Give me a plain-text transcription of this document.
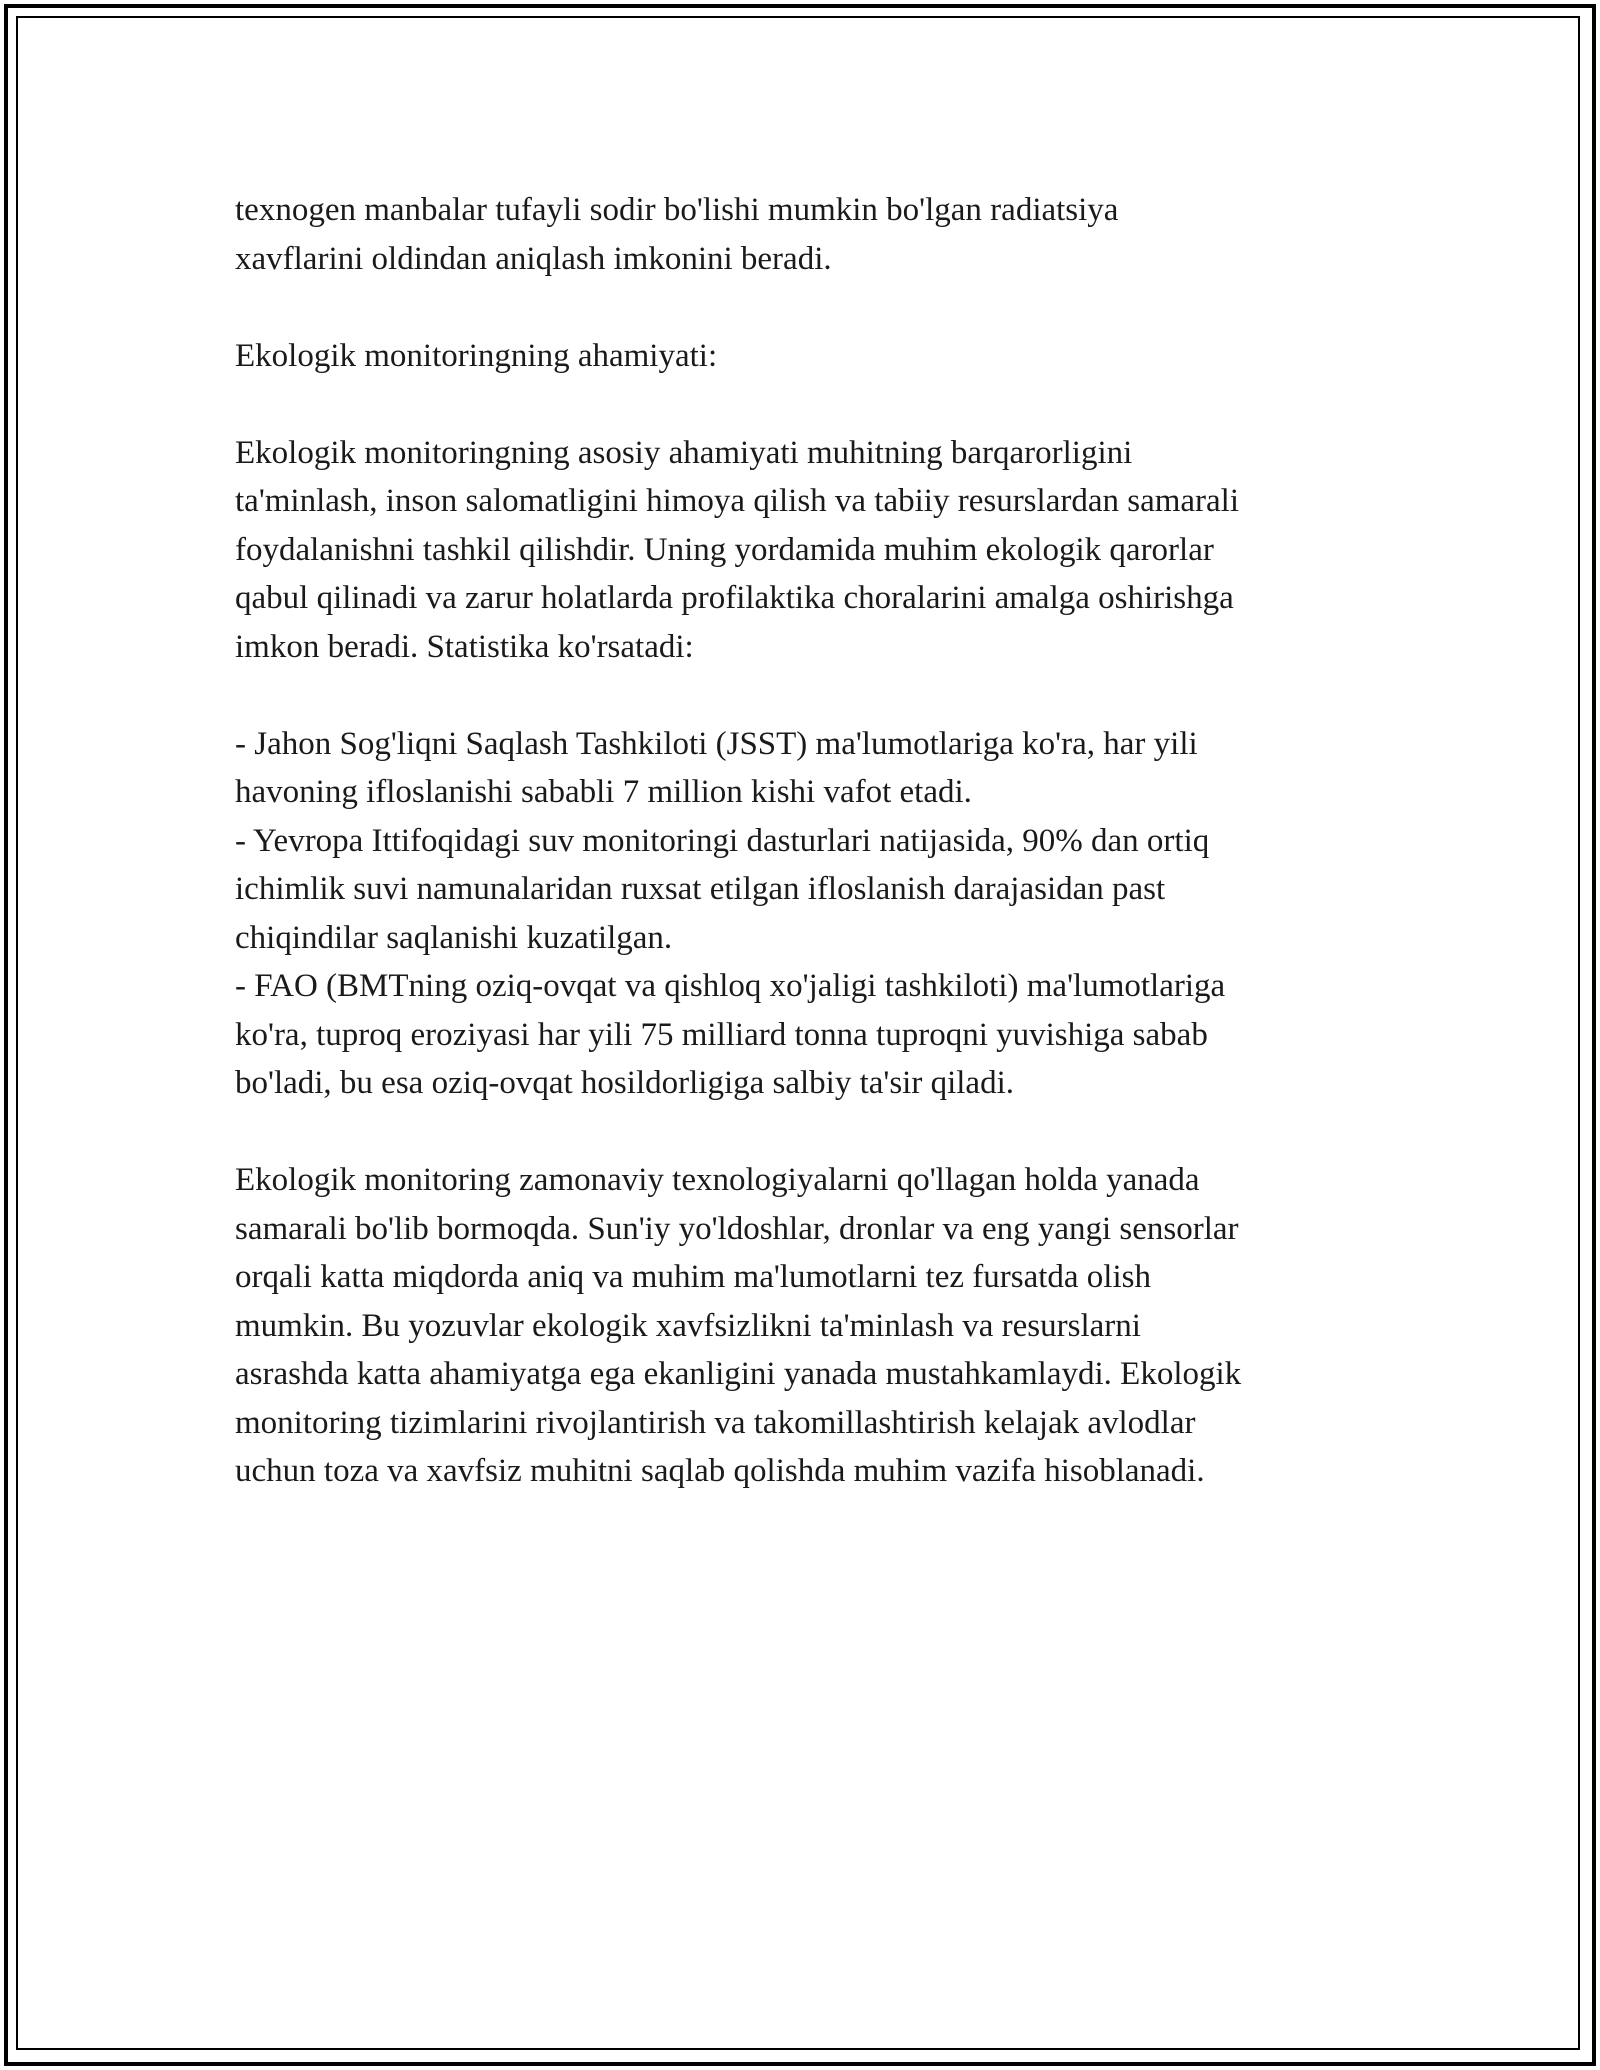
texnogen manbalar tufayli sodir bo'lishi mumkin bo'lgan radiatsiya
xavflarini oldindan aniqlash imkonini beradi.

Ekologik monitoringning ahamiyati:

Ekologik monitoringning asosiy ahamiyati muhitning barqarorligini
ta'minlash, inson salomatligini himoya qilish va tabiiy resurslardan samarali
foydalanishni tashkil qilishdir. Uning yordamida muhim ekologik qarorlar
qabul qilinadi va zarur holatlarda profilaktika choralarini amalga oshirishga
imkon beradi. Statistika ko'rsatadi:

- Jahon Sog'liqni Saqlash Tashkiloti (JSST) ma'lumotlariga ko'ra, har yili
havoning ifloslanishi sababli 7 million kishi vafot etadi.
- Yevropa Ittifoqidagi suv monitoringi dasturlari natijasida, 90% dan ortiq
ichimlik suvi namunalaridan ruxsat etilgan ifloslanish darajasidan past
chiqindilar saqlanishi kuzatilgan.
- FAO (BMTning oziq-ovqat va qishloq xo'jaligi tashkiloti) ma'lumotlariga
ko'ra, tuproq eroziyasi har yili 75 milliard tonna tuproqni yuvishiga sabab
bo'ladi, bu esa oziq-ovqat hosildorligiga salbiy ta'sir qiladi.

Ekologik monitoring zamonaviy texnologiyalarni qo'llagan holda yanada
samarali bo'lib bormoqda. Sun'iy yo'ldoshlar, dronlar va eng yangi sensorlar
orqali katta miqdorda aniq va muhim ma'lumotlarni tez fursatda olish
mumkin. Bu yozuvlar ekologik xavfsizlikni ta'minlash va resurslarni
asrashda katta ahamiyatga ega ekanligini yanada mustahkamlaydi. Ekologik
monitoring tizimlarini rivojlantirish va takomillashtirish kelajak avlodlar
uchun toza va xavfsiz muhitni saqlab qolishda muhim vazifa hisoblanadi.
